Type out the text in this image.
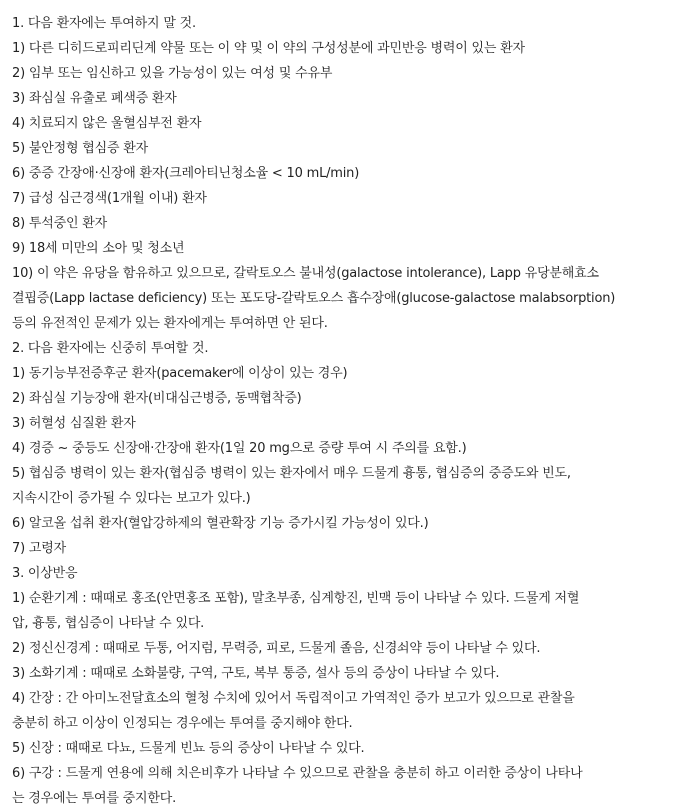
1. 다음 환자에는 투여하지 말 것.
1) 다른 디히드로피리딘계 약물 또는 이 약 및 이 약의 구성성분에 과민반응 병력이 있는 환자
2) 임부 또는 임신하고 있을 가능성이 있는 여성 및 수유부
3) 좌심실 유출로 폐색증 환자
4) 치료되지 않은 울혈심부전 환자
5) 불안정형 협심증 환자
6) 중증 간장애·신장애 환자(크레아티닌청소율 < 10 mL/min)
7) 급성 심근경색(1개월 이내) 환자
8) 투석중인 환자
9) 18세 미만의 소아 및 청소년
10) 이 약은 유당을 함유하고 있으므로, 갈락토오스 불내성(galactose intolerance), Lapp 유당분해효소
결핍증(Lapp lactase deficiency) 또는 포도당-갈락토오스 흡수장애(glucose-galactose malabsorption)
등의 유전적인 문제가 있는 환자에게는 투여하면 안 된다.
2. 다음 환자에는 신중히 투여할 것.
1) 동기능부전증후군 환자(pacemaker에 이상이 있는 경우)
2) 좌심실 기능장애 환자(비대심근병증, 동맥협착증)
3) 허혈성 심질환 환자
4) 경증 ~ 중등도 신장애·간장애 환자(1일 20 mg으로 증량 투여 시 주의를 요함.)
5) 협심증 병력이 있는 환자(협심증 병력이 있는 환자에서 매우 드물게 흉통, 협심증의 중증도와 빈도,
지속시간이 증가될 수 있다는 보고가 있다.)
6) 알코올 섭취 환자(혈압강하제의 혈관확장 기능 증가시킬 가능성이 있다.)
7) 고령자
3. 이상반응
1) 순환기계 : 때때로 홍조(안면홍조 포함), 말초부종, 심계항진, 빈맥 등이 나타날 수 있다. 드물게 저혈
압, 흉통, 협심증이 나타날 수 있다.
2) 정신신경계 : 때때로 두통, 어지럼, 무력증, 피로, 드물게 졸음, 신경쇠약 등이 나타날 수 있다.
3) 소화기계 : 때때로 소화불량, 구역, 구토, 복부 통증, 설사 등의 증상이 나타날 수 있다.
4) 간장 : 간 아미노전달효소의 혈청 수치에 있어서 독립적이고 가역적인 증가 보고가 있으므로 관찰을
충분히 하고 이상이 인정되는 경우에는 투여를 중지해야 한다.
5) 신장 : 때때로 다뇨, 드물게 빈뇨 등의 증상이 나타날 수 있다.
6) 구강 : 드물게 연용에 의해 치은비후가 나타날 수 있으므로 관찰을 충분히 하고 이러한 증상이 나타나
는 경우에는 투여를 중지한다.
